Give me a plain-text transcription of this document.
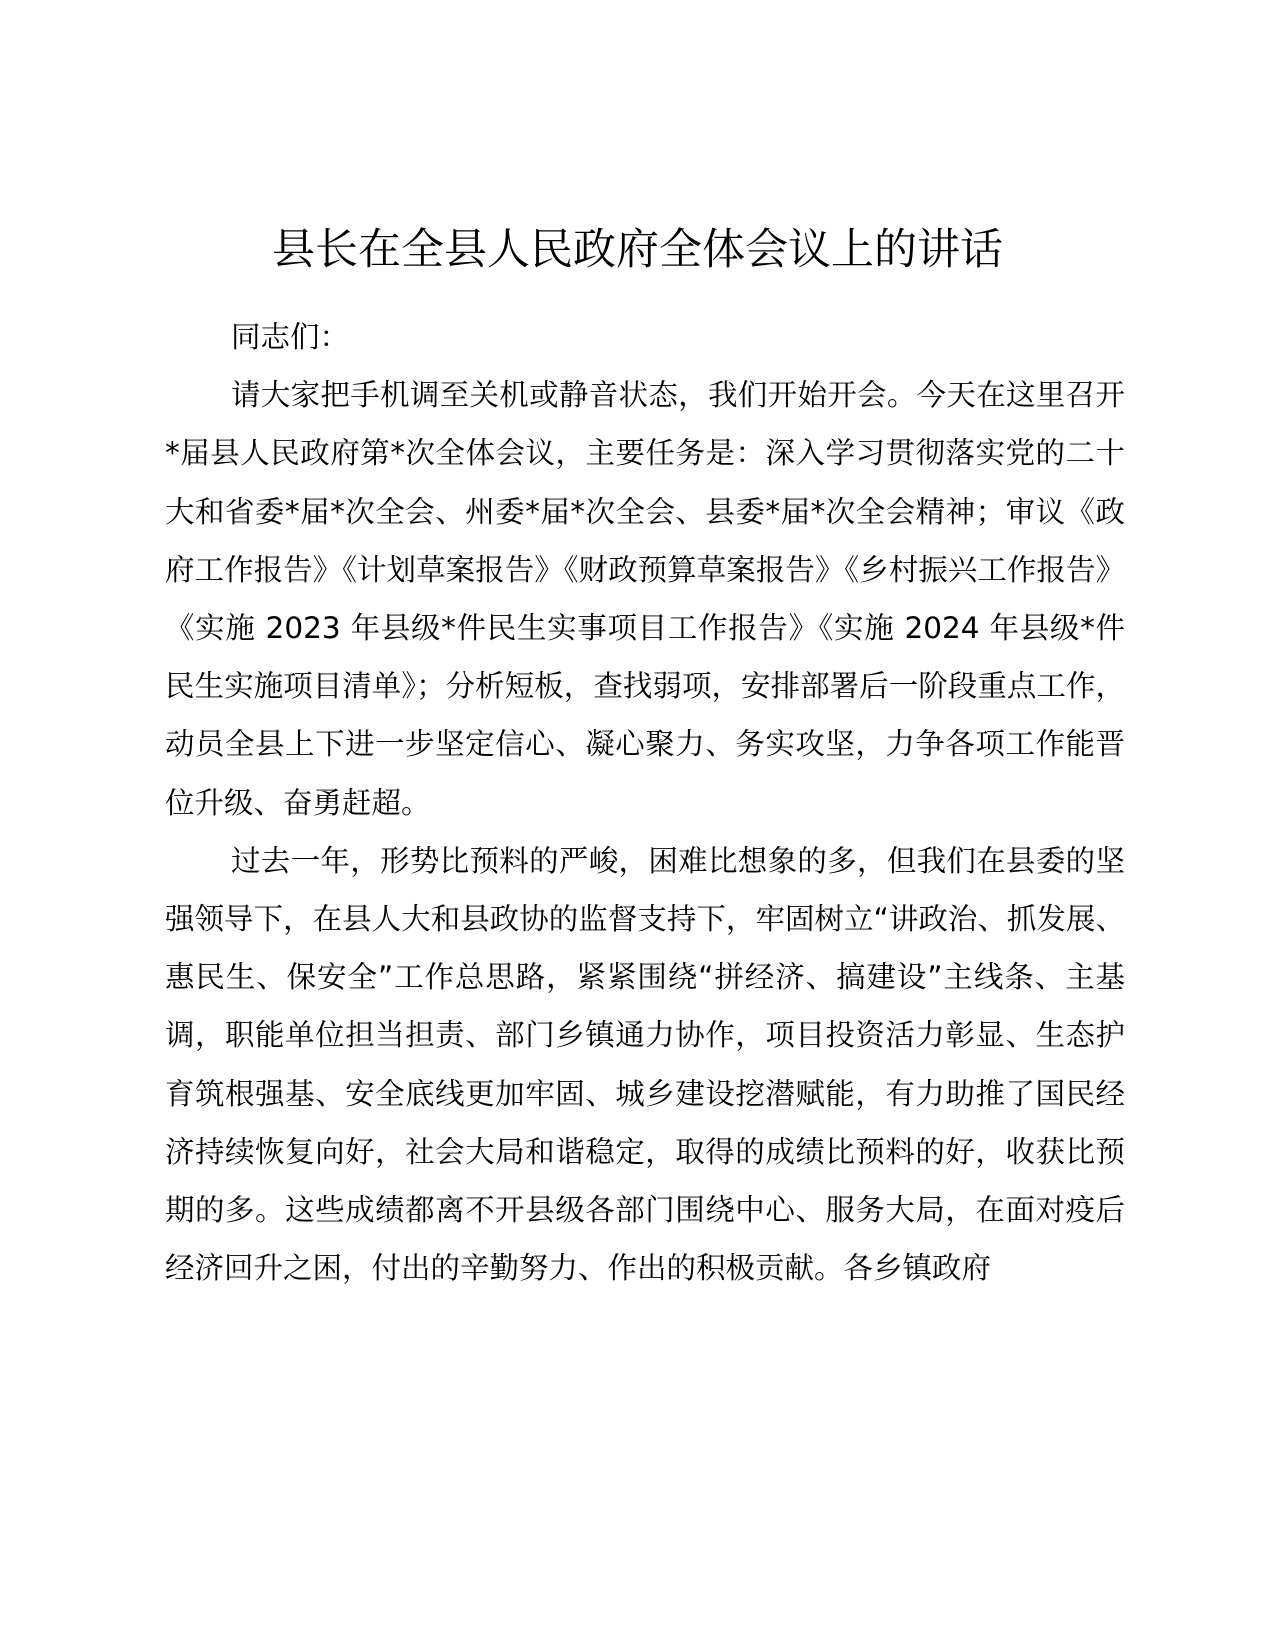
县长在全县人民政府全体会议上的讲话

同志们：

请大家把手机调至关机或静音状态，我们开始开会。今天在这里召开*届县人民政府第*次全体会议，主要任务是：深入学习贯彻落实党的二十大和省委*届*次全会、州委*届*次全会、县委*届*次全会精神；审议《政府工作报告》《计划草案报告》《财政预算草案报告》《乡村振兴工作报告》《实施 2023 年县级*件民生实事项目工作报告》《实施 2024 年县级*件民生实施项目清单》；分析短板，查找弱项，安排部署后一阶段重点工作，动员全县上下进一步坚定信心、凝心聚力、务实攻坚，力争各项工作能晋位升级、奋勇赶超。

过去一年，形势比预料的严峻，困难比想象的多，但我们在县委的坚强领导下，在县人大和县政协的监督支持下，牢固树立“讲政治、抓发展、惠民生、保安全”工作总思路，紧紧围绕“拼经济、搞建设”主线条、主基调，职能单位担当担责、部门乡镇通力协作，项目投资活力彰显、生态护育筑根强基、安全底线更加牢固、城乡建设挖潜赋能，有力助推了国民经济持续恢复向好，社会大局和谐稳定，取得的成绩比预料的好，收获比预期的多。这些成绩都离不开县级各部门围绕中心、服务大局，在面对疫后经济回升之困，付出的辛勤努力、作出的积极贡献。各乡镇政府
